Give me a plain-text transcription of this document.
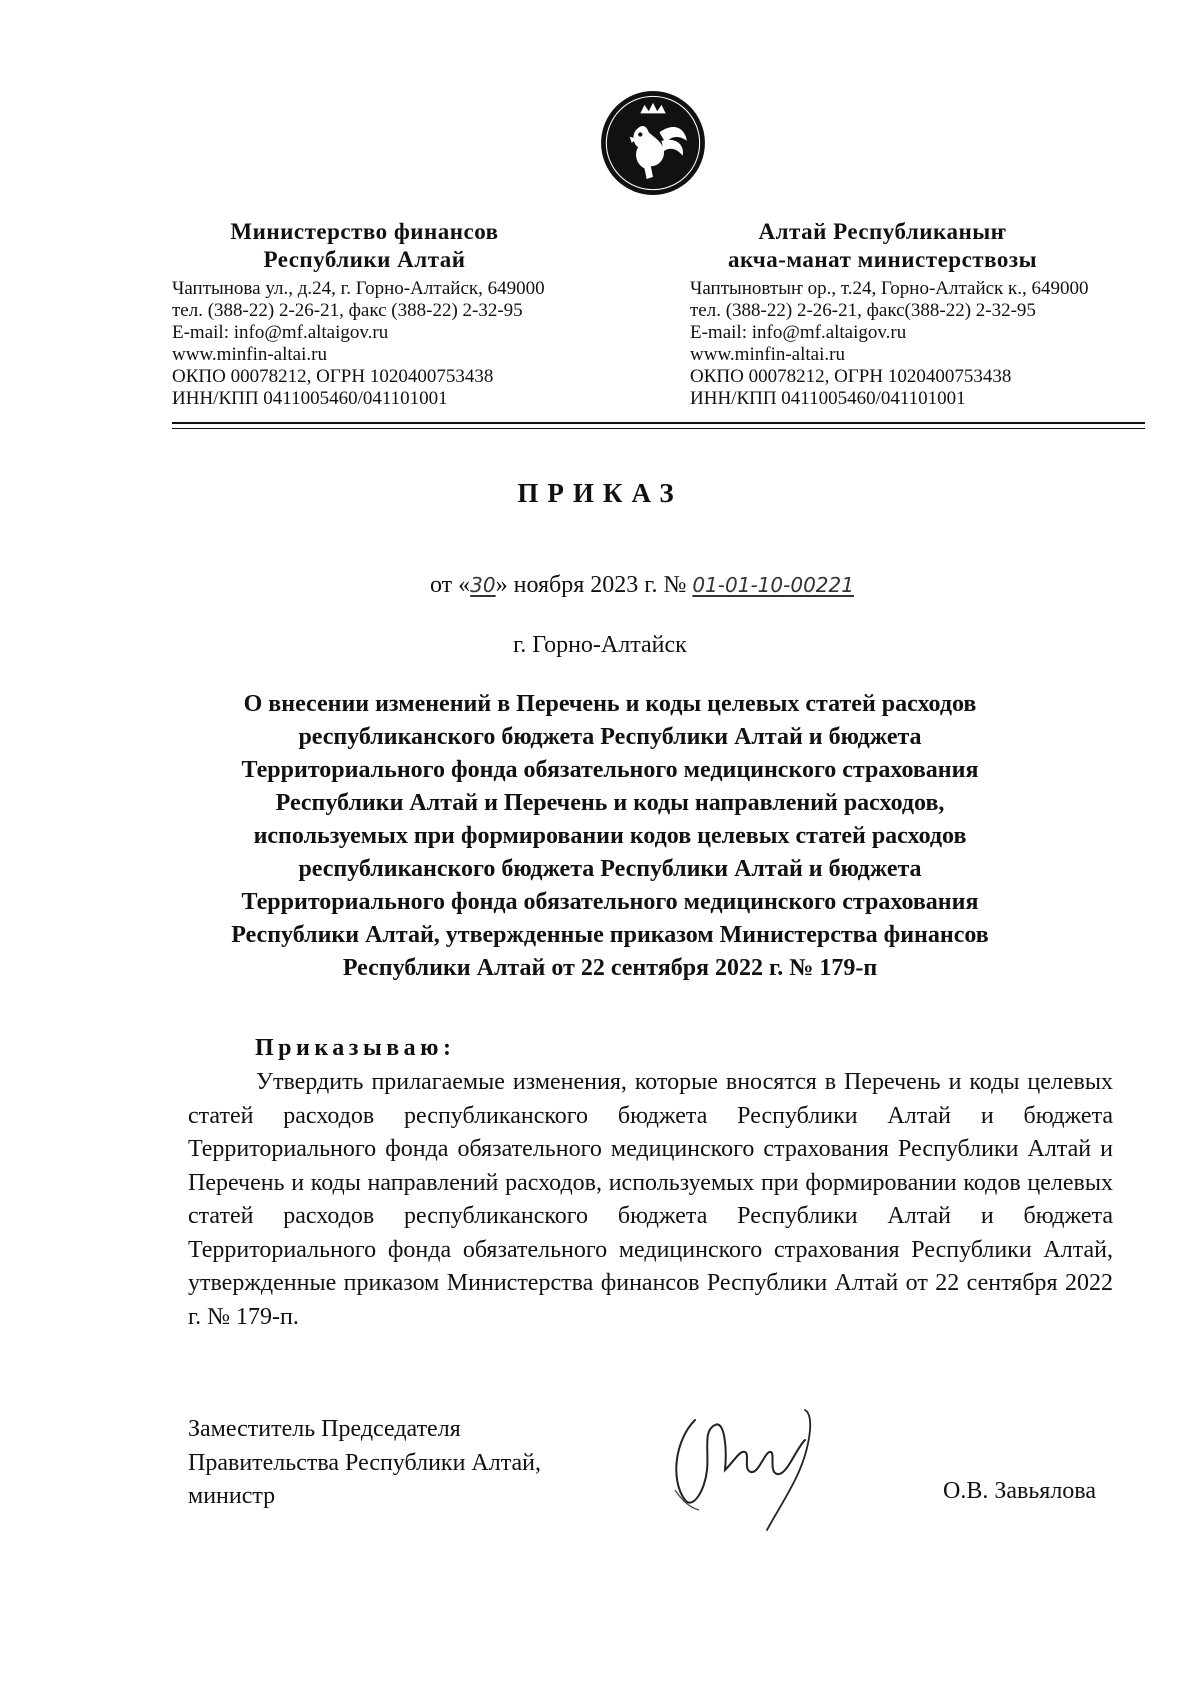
Министерство финансов
Республики Алтай
Чаптынова ул., д.24, г. Горно-Алтайск, 649000
тел. (388-22) 2-26-21, факс (388-22) 2-32-95
E-mail: info@mf.altaigov.ru
www.minfin-altai.ru
ОКПО 00078212, ОГРН 1020400753438
ИНН/КПП 0411005460/041101001
Алтай Республиканыҥ
акча-манат министерствозы
Чаптыновтыҥ ор., т.24, Горно-Алтайск к., 649000
тел. (388-22) 2-26-21, факс(388-22) 2-32-95
E-mail: info@mf.altaigov.ru
www.minfin-altai.ru
ОКПО 00078212, ОГРН 1020400753438
ИНН/КПП 0411005460/041101001
ПРИКАЗ
от «30» ноября 2023 г. № 01-01-10-00221
г. Горно-Алтайск
О внесении изменений в Перечень и коды целевых статей расходов
республиканского бюджета Республики Алтай и бюджета
Территориального фонда обязательного медицинского страхования
Республики Алтай и Перечень и коды направлений расходов,
используемых при формировании кодов целевых статей расходов
республиканского бюджета Республики Алтай и бюджета
Территориального фонда обязательного медицинского страхования
Республики Алтай, утвержденные приказом Министерства финансов
Республики Алтай от 22 сентября 2022 г. № 179-п
Приказываю:
Утвердить прилагаемые изменения, которые вносятся в Перечень и коды целевых статей расходов республиканского бюджета Республики Алтай и бюджета Территориального фонда обязательного медицинского страхования Республики Алтай и Перечень и коды направлений расходов, используемых при формировании кодов целевых статей расходов республиканского бюджета Республики Алтай и бюджета Территориального фонда обязательного медицинского страхования Республики Алтай, утвержденные приказом Министерства финансов Республики Алтай от 22 сентября 2022 г. № 179-п.
Заместитель Председателя
Правительства Республики Алтай,
министр	О.В. Завьялова
